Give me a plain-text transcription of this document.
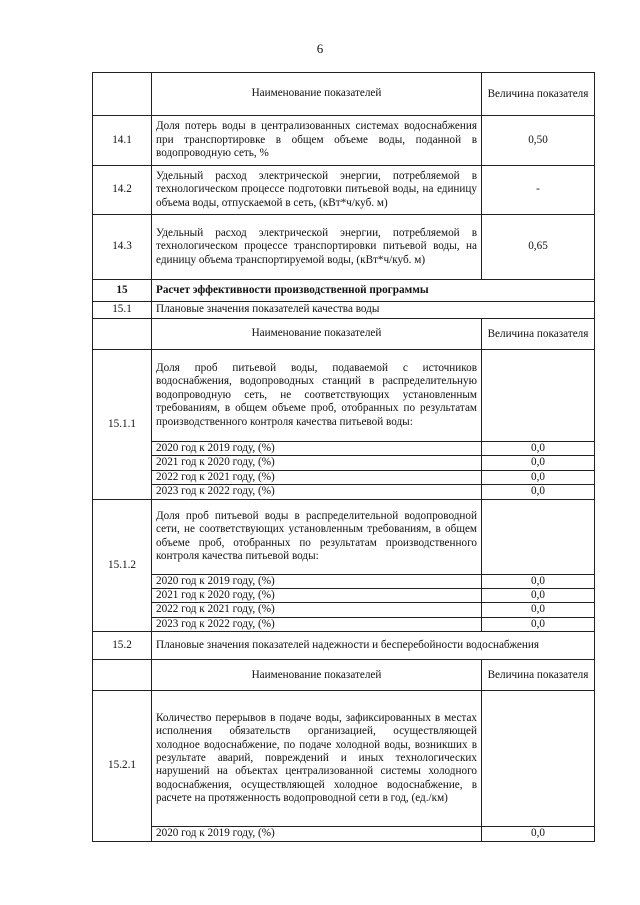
6
	Наименование показателей	Величина показателя
14.1	Доля потерь воды в централизованных системах водоснабжения при транспортировке в общем объеме воды, поданной в водопроводную сеть, %	0,50
14.2	Удельный расход электрической энергии, потребляемой в технологическом процессе подготовки питьевой воды, на единицу объема воды, отпускаемой в сеть, (кВт*ч/куб. м)	-
14.3	Удельный расход электрической энергии, потребляемой в технологическом процессе транспортировки питьевой воды, на единицу объема транспортируемой воды, (кВт*ч/куб. м)	0,65
15	Расчет эффективности производственной программы	
15.1	Плановые значения показателей качества воды	
	Наименование показателей	Величина показателя
15.1.1	Доля проб питьевой воды, подаваемой с источников водоснабжения, водопроводных станций в распределительную водопроводную сеть, не соответствующих установленным требованиям, в общем объеме проб, отобранных по результатам производственного контроля качества питьевой воды:	
	2020 год к 2019 году, (%)	0,0
	2021 год к 2020 году, (%)	0,0
	2022 год к 2021 году, (%)	0,0
	2023 год к 2022 году, (%)	0,0
15.1.2	Доля проб питьевой воды в распределительной водопроводной сети, не соответствующих установленным требованиям, в общем объеме проб, отобранных по результатам производственного контроля качества питьевой воды:	
	2020 год к 2019 году, (%)	0,0
	2021 год к 2020 году, (%)	0,0
	2022 год к 2021 году, (%)	0,0
	2023 год к 2022 году, (%)	0,0
15.2	Плановые значения показателей надежности и бесперебойности водоснабжения	
	Наименование показателей	Величина показателя
15.2.1	Количество перерывов в подаче воды, зафиксированных в местах исполнения обязательств организацией, осуществляющей холодное водоснабжение, по подаче холодной воды, возникших в результате аварий, повреждений и иных технологических нарушений на объектах централизованной системы холодного водоснабжения, осуществляющей холодное водоснабжение, в расчете на протяженность водопроводной сети в год, (ед./км)	
	2020 год к 2019 году, (%)	0,0
